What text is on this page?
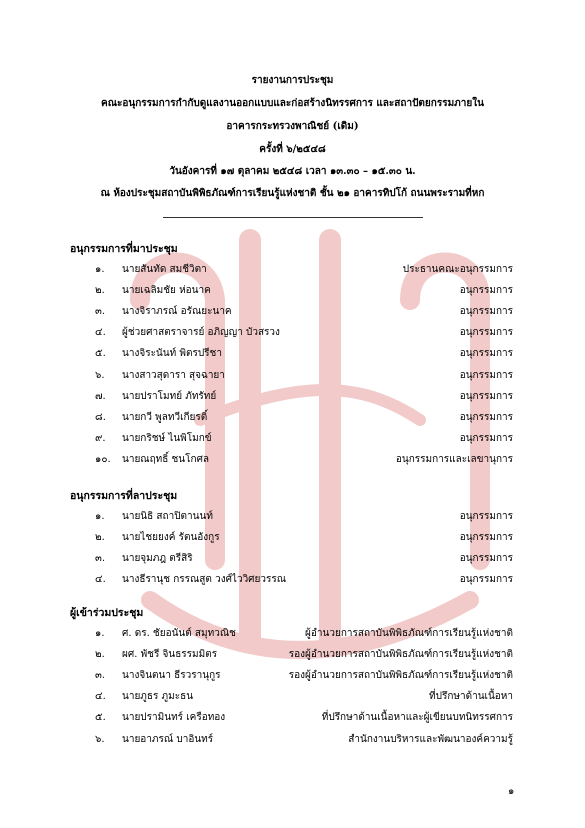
รายงานการประชุม
คณะอนุกรรมการกำกับดูแลงานออกแบบและก่อสร้างนิทรรศการ และสถาปัตยกรรมภายใน
อาคารกระทรวงพาณิชย์ (เดิม)
ครั้งที่ ๖/๒๕๔๘
วันอังคารที่ ๑๗ ตุลาคม ๒๕๔๘ เวลา ๑๓.๓๐ – ๑๕.๓๐ น.
ณ ห้องประชุมสถาบันพิพิธภัณฑ์การเรียนรู้แห่งชาติ ชั้น ๒๑ อาคารทิปโก้ ถนนพระรามที่หก
อนุกรรมการที่มาประชุม
๑. นายสันทัด สมชีวิตา	ประธานคณะอนุกรรมการ
๒. นายเฉลิมชัย ห่อนาค	อนุกรรมการ
๓. นางจิราภรณ์ อรัณยะนาค	อนุกรรมการ
๔. ผู้ช่วยศาสตราจารย์ อภิญญา บัวสรวง	อนุกรรมการ
๕. นางจิระนันท์ พิตรปรีชา	อนุกรรมการ
๖. นางสาวสุดารา สุจฉายา	อนุกรรมการ
๗. นายปราโมทย์ ภัทรัทย์	อนุกรรมการ
๘. นายกวี พูลทวีเกียรติ์	อนุกรรมการ
๙. นายกริชษ์ ไนพิโมกข์	อนุกรรมการ
๑๐. นายณฤทธิ์ ชนโกศล	อนุกรรมการและเลขานุการ
อนุกรรมการที่ลาประชุม
๑. นายนิธิ สถาปิตานนท์	อนุกรรมการ
๒. นายไชยยงค์ รัตนอังกูร	อนุกรรมการ
๓. นายจุมภฎ ตรีสิริ	อนุกรรมการ
๔. นางธีรานุช กรรณสูต วงศ์ไววิศยวรรณ	อนุกรรมการ
ผู้เข้าร่วมประชุม
๑. ศ. ดร. ชัยอนันต์ สมุทวณิช	ผู้อำนวยการสถาบันพิพิธภัณฑ์การเรียนรู้แห่งชาติ
๒. ผศ. พัชรี จินธรรมมิตร	รองผู้อำนวยการสถาบันพิพิธภัณฑ์การเรียนรู้แห่งชาติ
๓. นางจินตนา ธีรวรานุกูร	รองผู้อำนวยการสถาบันพิพิธภัณฑ์การเรียนรู้แห่งชาติ
๔. นายภูธร ภูมะธน	ที่ปรึกษาด้านเนื้อหา
๕. นายปรามินทร์ เครือทอง	ที่ปรึกษาด้านเนื้อหาและผู้เขียนบทนิทรรศการ
๖. นายอาภรณ์ บาอินทร์	สำนักงานบริหารและพัฒนาองค์ความรู้
๑
